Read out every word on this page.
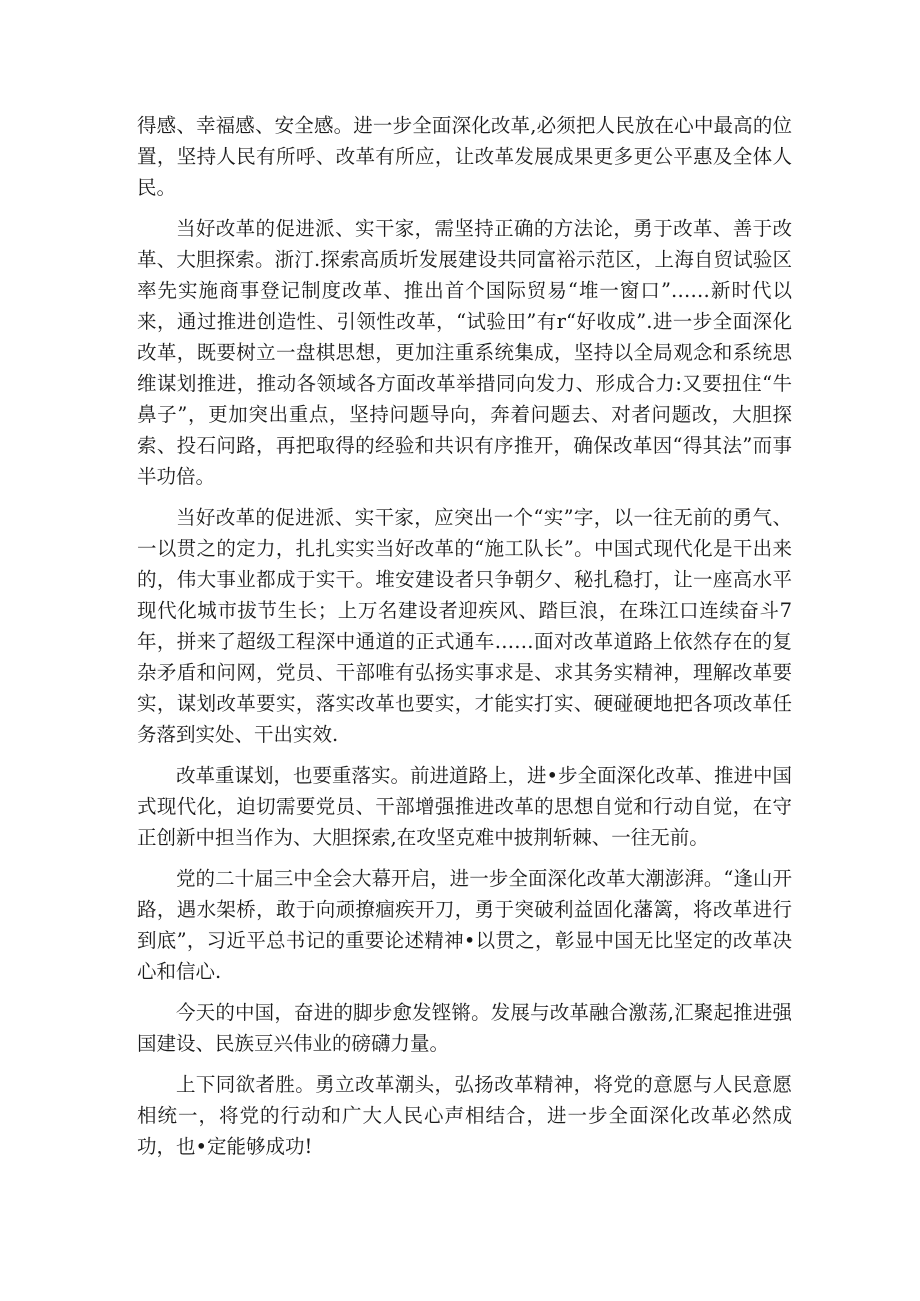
得感、幸福感、安全感。进一步全面深化改革,必须把人民放在心中最高的位置，坚持人民有所呼、改革有所应，让改革发展成果更多更公平惠及全体人民。

当好改革的促进派、实干家，需坚持正确的方法论，勇于改革、善于改革、大胆探索。浙汀.探索高质圻发展建设共同富裕示范区，上海自贸试验区率先实施商事登记制度改革、推出首个国际贸易“堆一窗口”……新时代以来，通过推进创造性、引领性改革，“试验田”有r“好收成”.进一步全面深化改革，既要树立一盘棋思想，更加注重系统集成，坚持以全局观念和系统思维谋划推进，推动各领域各方面改革举措同向发力、形成合力:又要扭住“牛鼻子”，更加突出重点，坚持问题导向，奔着问题去、对者问题改，大胆探索、投石问路，再把取得的经验和共识有序推开，确保改革因“得其法”而事半功倍。

当好改革的促进派、实干家，应突出一个“实”字，以一往无前的勇气、一以贯之的定力，扎扎实实当好改革的“施工队长”。中国式现代化是干出来的，伟大事业都成于实干。堆安建设者只争朝夕、秘扎稳打，让一座高水平现代化城市拔节生长；上万名建设者迎疾风、踏巨浪，在珠江口连续奋斗7年，拼来了超级工程深中通道的正式通车……面对改革道路上依然存在的复杂矛盾和问网，党员、干部唯有弘扬实事求是、求其务实精神，理解改革要实，谋划改革要实，落实改革也要实，才能实打实、硬碰硬地把各项改革任务落到实处、干出实效.

改革重谋划，也要重落实。前进道路上，进•步全面深化改革、推进中国式现代化，迫切需要党员、干部增强推进改革的思想自觉和行动自觉，在守正创新中担当作为、大胆探索,在攻坚克难中披荆斩棘、一往无前。

党的二十届三中全会大幕开启，进一步全面深化改革大潮澎湃。“逢山开路，遇水架桥，敢于向顽撩痼疾开刀，勇于突破利益固化藩篱，将改革进行到底”，习近平总书记的重要论述精神•以贯之，彰显中国无比坚定的改革决心和信心.

今天的中国，奋进的脚步愈发铿锵。发展与改革融合激荡,汇聚起推进强国建设、民族豆兴伟业的磅礴力量。

上下同欲者胜。勇立改革潮头，弘扬改革精神，将党的意愿与人民意愿相统一，将党的行动和广大人民心声相结合，进一步全面深化改革必然成功，也•定能够成功!
